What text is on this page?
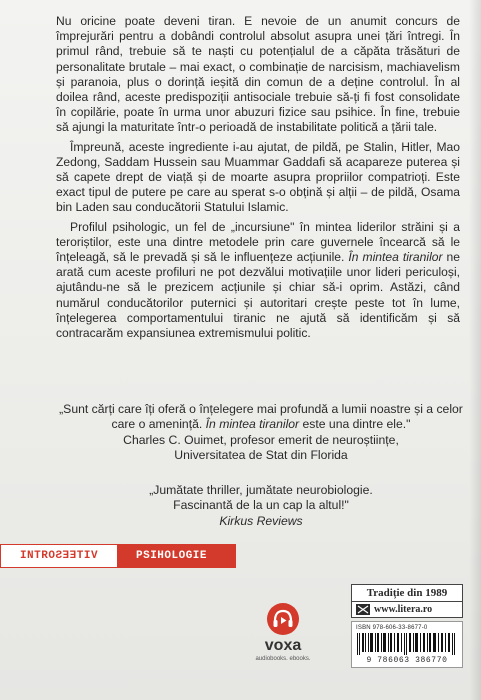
Nu oricine poate deveni tiran. E nevoie de un anumit concurs de împrejurări pentru a dobândi controlul absolut asupra unei țări întregi. În primul rând, trebuie să te naști cu potențialul de a căpăta trăsături de personalitate brutale – mai exact, o combinație de narcisism, machiavelism și paranoia, plus o dorință ieșită din comun de a deține controlul. În al doilea rând, aceste predispoziții antisociale trebuie să-ți fi fost consolidate în copilărie, poate în urma unor abuzuri fizice sau psihice. În fine, trebuie să ajungi la maturitate într-o perioadă de instabilitate politică a țării tale.

Împreună, aceste ingrediente i-au ajutat, de pildă, pe Stalin, Hitler, Mao Zedong, Saddam Hussein sau Muammar Gaddafi să acapareze puterea și să capete drept de viață și de moarte asupra propriilor compatrioți. Este exact tipul de putere pe care au sperat s-o obțină și alții – de pildă, Osama bin Laden sau conducătorii Statului Islamic.

Profilul psihologic, un fel de „incursiune" în mintea liderilor străini și a teroriștilor, este una dintre metodele prin care guvernele încearcă să le înțeleagă, să le prevadă și să le influențeze acțiunile. În mintea tiranilor ne arată cum aceste profiluri ne pot dezvălui motivațiile unor lideri periculoși, ajutându-ne să le prezicem acțiunile și chiar să-i oprim. Astăzi, când numărul conducătorilor puternici și autoritari crește peste tot în lume, înțelegerea comportamentului tiranic ne ajută să identificăm și să contracarăm expansiunea extremismului politic.

„Sunt cărți care îți oferă o înțelegere mai profundă a lumii noastre și a celor care o amenință. În mintea tiranilor este una dintre ele."
Charles C. Ouimet, profesor emerit de neuroștiințe,
Universitatea de Stat din Florida
„Jumătate thriller, jumătate neurobiologie.
Fascinantă de la un cap la altul!"
Kirkus Reviews
INTROƧƎƎTIV	PSIHOLOGIE
voxa
audiobooks. ebooks.
Tradiție din 1989
www.litera.ro
ISBN 978-606-33-8677-0
9 786063 386770
